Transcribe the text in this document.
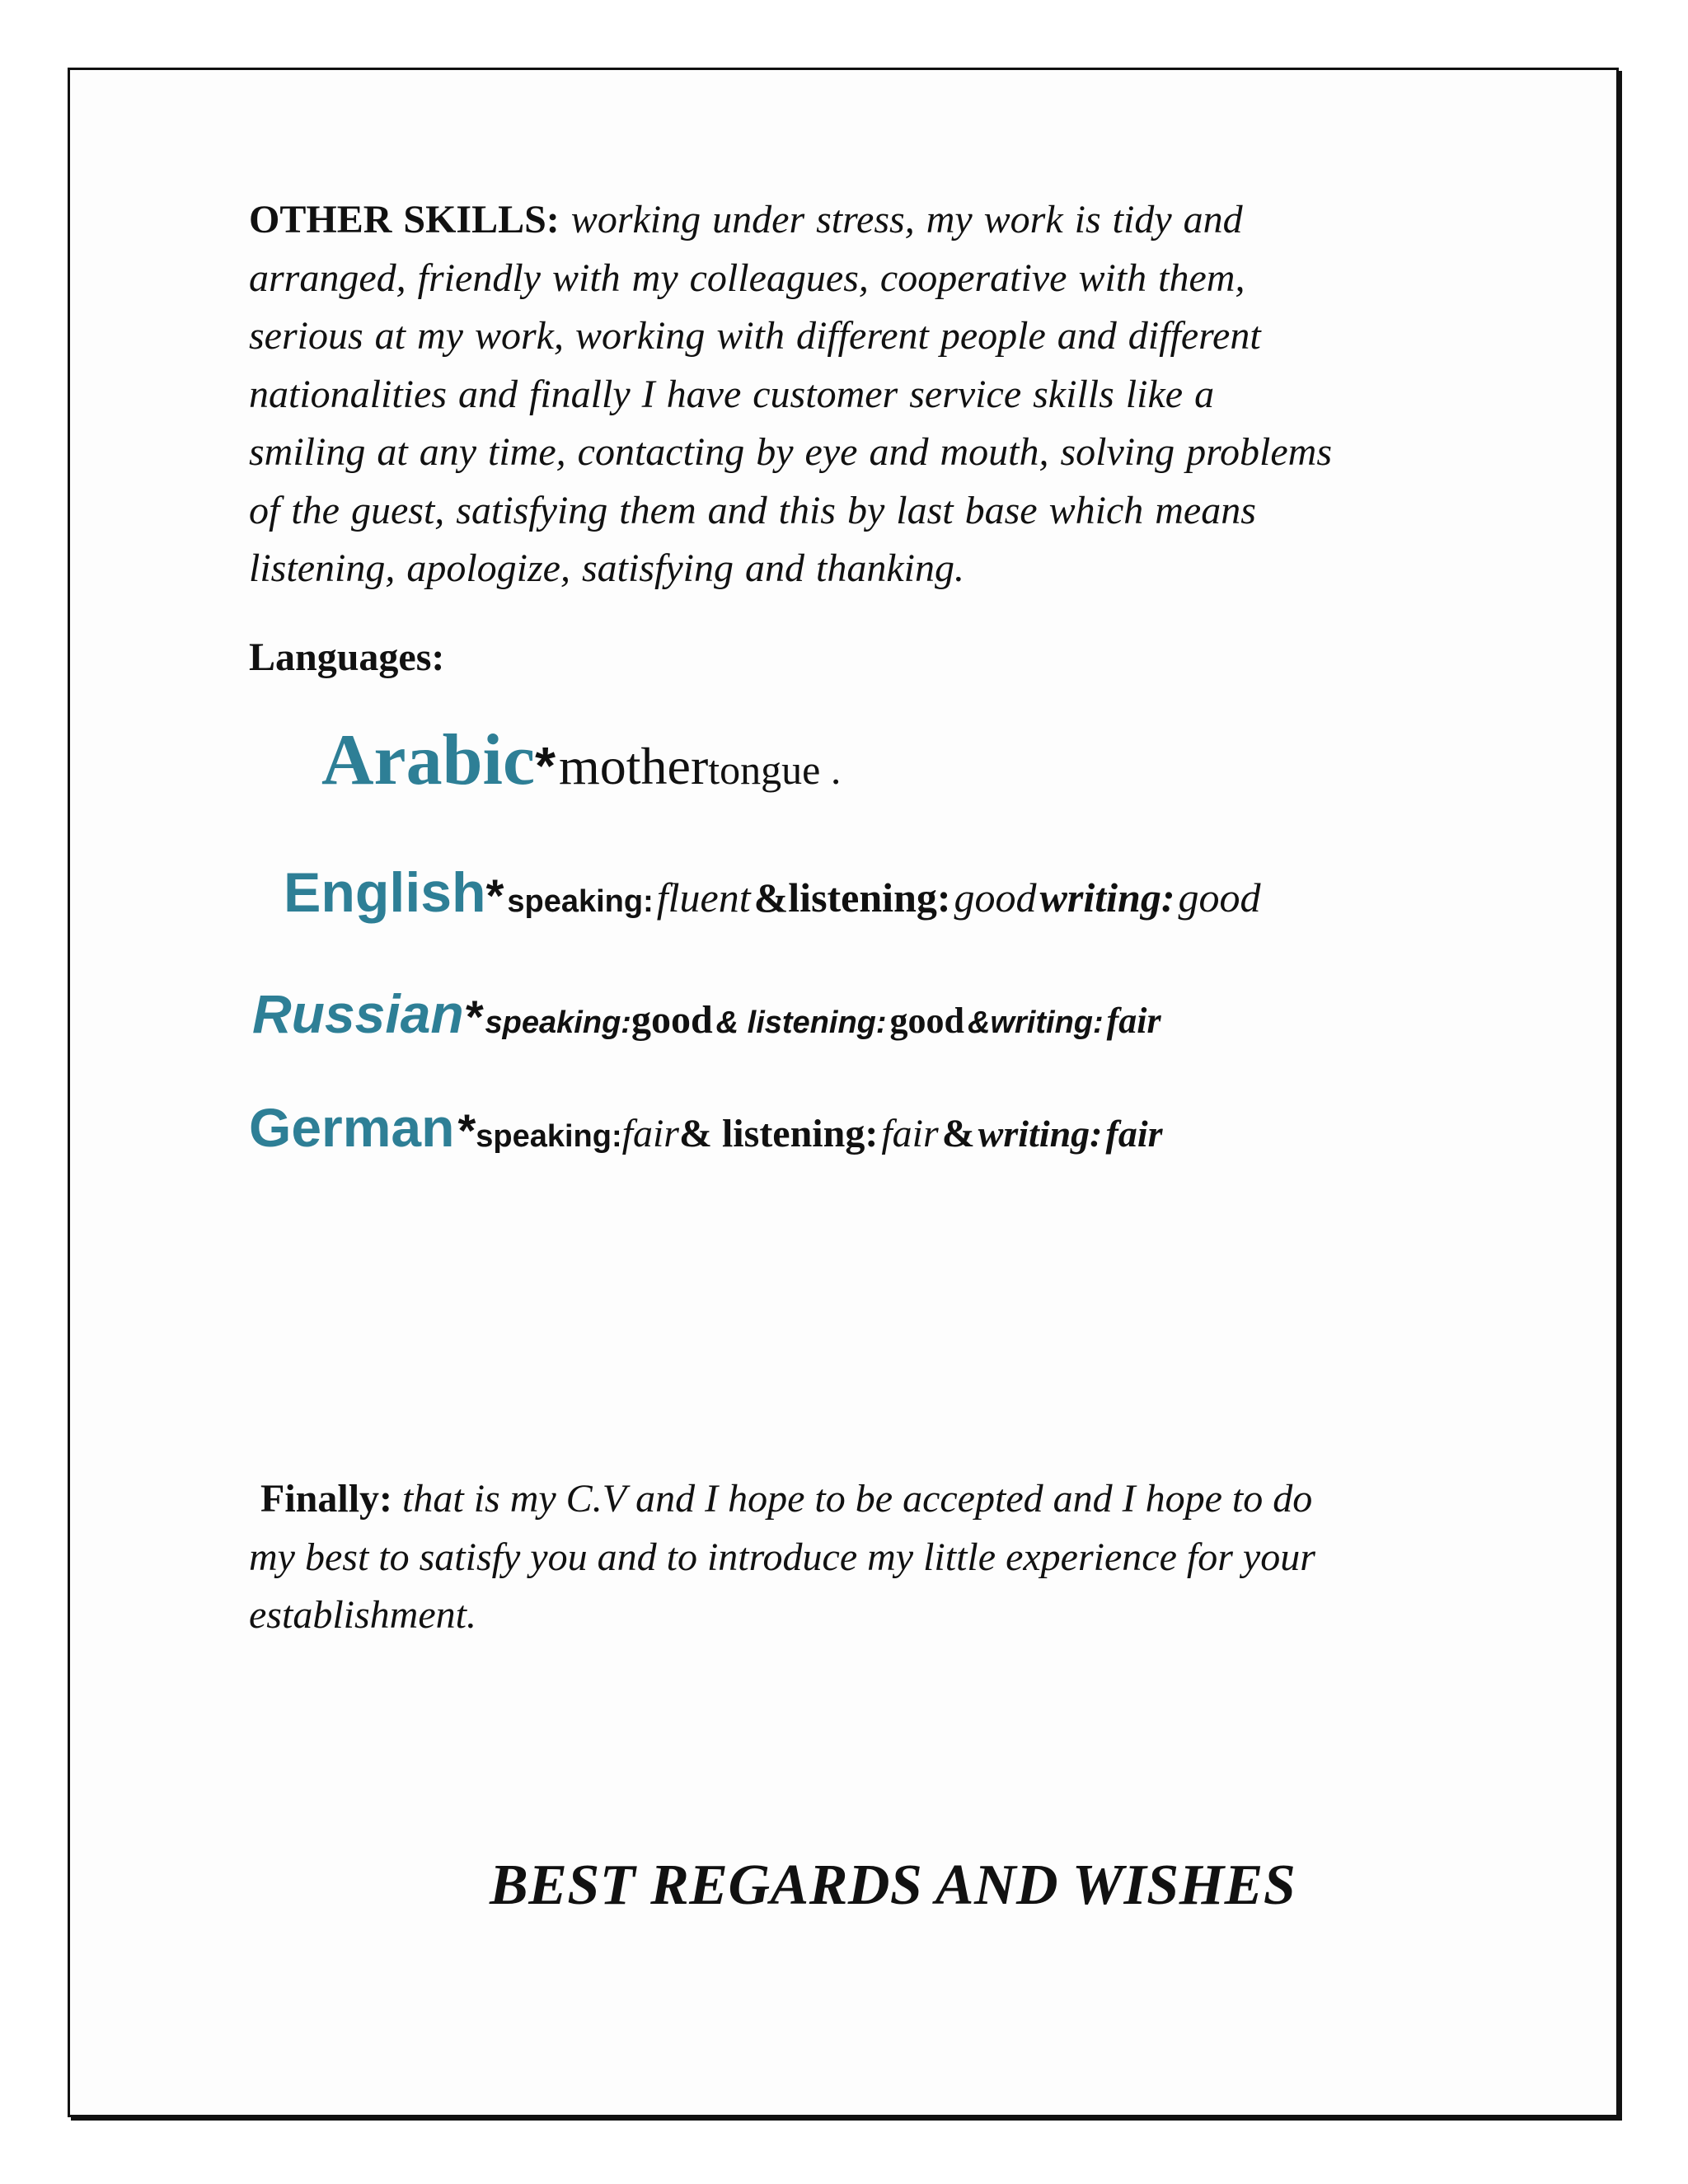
OTHER SKILLS: working under stress, my work is tidy and
arranged, friendly with my colleagues, cooperative with them,
serious at my work, working with different people and different
nationalities and finally I have customer service skills like a
smiling at any time, contacting by eye and mouth, solving problems
of the guest, satisfying them and this by last base which means
listening, apologize, satisfying and thanking.

Languages:
Arabic* mothertongue .
English* speaking: fluent &listening: good writing: good
Russian* speaking:good & listening: good &writing: fair
German *speaking:fair& listening: fair & writing: fair

Finally: that is my C.V and I hope to be accepted and I hope to do
my best to satisfy you and to introduce my little experience for your
establishment.

BEST REGARDS AND WISHES
